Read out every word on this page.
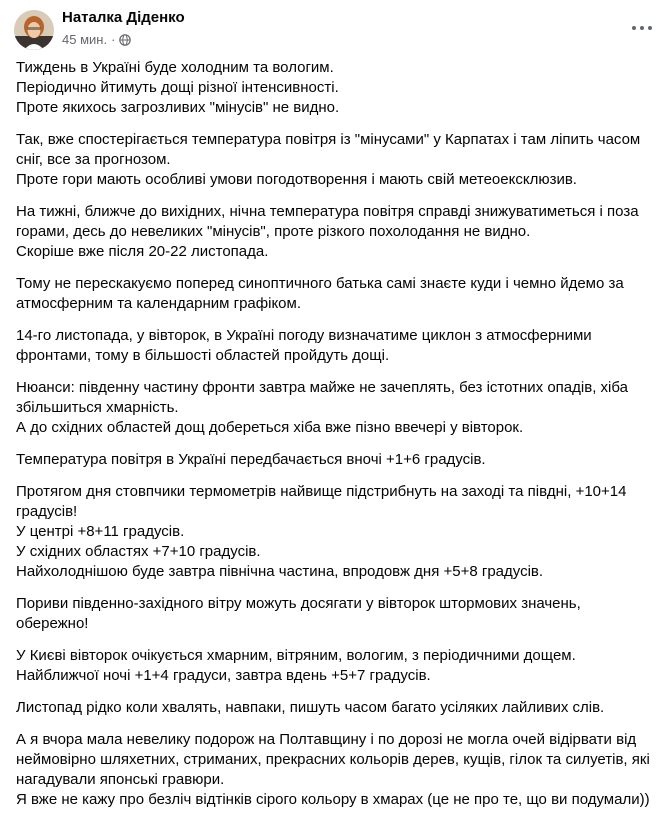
Наталка Діденко
45 мин. ·
Тиждень в Україні буде холодним та вологим.
Періодично йтимуть дощі різної інтенсивності.
Проте якихось загрозливих "мінусів" не видно.
Так, вже спостерігається температура повітря із "мінусами" у Карпатах і там ліпить часом
сніг, все за прогнозом.
Проте гори мають особливі умови погодотворення і мають свій метеоексклюзив.
На тижні, ближче до вихідних, нічна температура повітря справді знижуватиметься і поза
горами, десь до невеликих "мінусів", проте різкого похолодання не видно.
Скоріше вже після 20-22 листопада.
Тому не перескакуємо поперед синоптичного батька самі знаєте куди і чемно йдемо за
атмосферним та календарним графіком.
14-го листопада, у вівторок, в Україні погоду визначатиме циклон з атмосферними
фронтами, тому в більшості областей пройдуть дощі.
Нюанси: південну частину фронти завтра майже не зачеплять, без істотних опадів, хіба
збільшиться хмарність.
А до східних областей дощ добереться хіба вже пізно ввечері у вівторок.
Температура повітря в Україні передбачається вночі +1+6 градусів.
Протягом дня стовпчики термометрів найвище підстрибнуть на заході та півдні, +10+14
градусів!
У центрі +8+11 градусів.
У східних областях +7+10 градусів.
Найхолоднішою буде завтра північна частина, впродовж дня +5+8 градусів.
Пориви південно-західного вітру можуть досягати у вівторок штормових значень,
обережно!
У Києві вівторок очікується хмарним, вітряним, вологим, з періодичними дощем.
Найближчої ночі +1+4 градуси, завтра вдень +5+7 градусів.
Листопад рідко коли хвалять, навпаки, пишуть часом багато усіляких лайливих слів.
А я вчора мала невелику подорож на Полтавщину і по дорозі не могла очей відірвати від
неймовірно шляхетних, стриманих, прекрасних кольорів дерев, кущів, гілок та силуетів, які
нагадували японські гравюри.
Я вже не кажу про безліч відтінків сірого кольору в хмарах (це не про те, що ви подумали))
